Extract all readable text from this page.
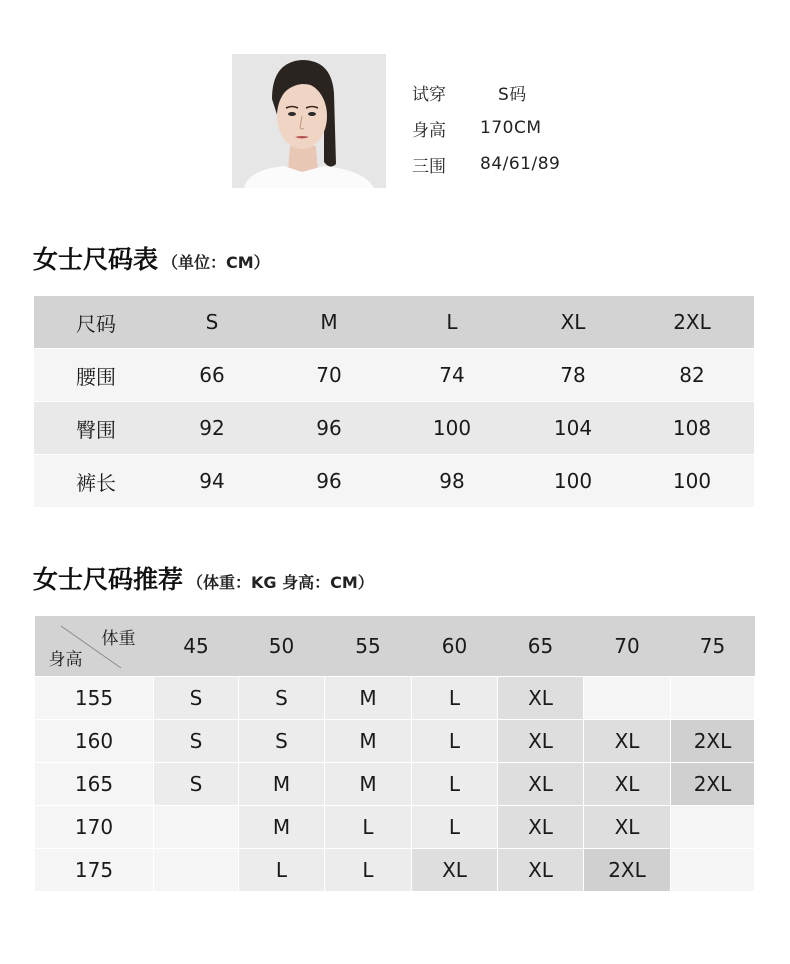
试穿	S码
身高	170CM
三围	84/61/89
女士尺码表 （单位：CM）
尺码	S	M	L	XL	2XL
腰围	66	70	74	78	82
臀围	92	96	100	104	108
裤长	94	96	98	100	100
女士尺码推荐 （体重：KG 身高：CM）
体重
身高	45	50	55	60	65	70	75
155	S	S	M	L	XL		
160	S	S	M	L	XL	XL	2XL
165	S	M	M	L	XL	XL	2XL
170		M	L	L	XL	XL	
175		L	L	XL	XL	2XL	
